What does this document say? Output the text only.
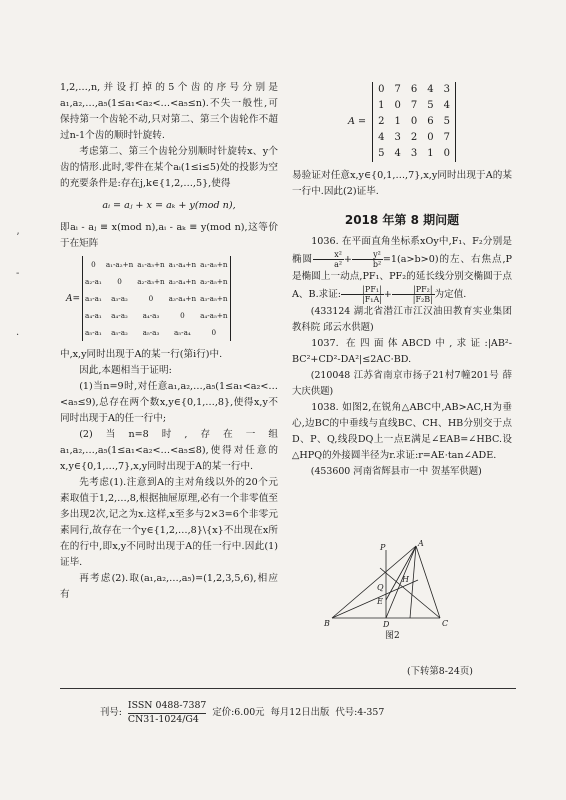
ʼ
-
·

1,2,…,n,并设打掉的5个齿的序号分别是a₁,a₂,…,a₅(1≤a₁<a₂<…<a₅≤n).不失一般性,可保持第一个齿轮不动,只对第二、第三个齿轮作不超过n-1个齿的顺时针旋转.

考虑第二、第三个齿轮分别顺时针旋转x、y个齿的情形.此时,零件在某个aᵢ(1≤i≤5)处的投影为空的充要条件是:存在j,k∈{1,2,…,5},使得

aᵢ = aⱼ + x = aₖ + y(mod n),

即aᵢ - aⱼ ≡ x(mod n),aᵢ - aₖ ≡ y(mod n),这等价于在矩阵

A=	0	a₁-a₂+n	a₁-a₃+n	a₁-a₄+n	a₁-a₅+n
	a₂-a₁	0	a₂-a₃+n	a₂-a₄+n	a₂-a₅+n
	a₃-a₁	a₃-a₂	0	a₃-a₄+n	a₃-a₅+n
	a₄-a₁	a₄-a₂	a₄-a₃	0	a₄-a₅+n
	a₅-a₁	a₅-a₂	a₅-a₃	a₅-a₄	0

中,x,y同时出现于A的某一行(第i行)中.

因此,本题相当于证明:

(1)当n=9时,对任意a₁,a₂,…,a₅(1≤a₁<a₂<…<a₅≤9),总存在两个数x,y∈{0,1,…,8},使得x,y不同时出现于A的任一行中;

(2)当n=8时,存在一组a₁,a₂,…,a₅(1≤a₁<a₂<…<a₅≤8),使得对任意的x,y∈{0,1,…,7},x,y同时出现于A的某一行中.

先考虑(1).注意到A的主对角线以外的20个元素取值于1,2,…,8,根据抽屉原理,必有一个非零值至多出现2次,记之为x.这样,x至多与2×3=6个非零元素同行,故存在一个y∈{1,2,…,8}\{x}不出现在x所在的行中,即x,y不同时出现于A的任一行中.因此(1)证毕.

再考虑(2).取(a₁,a₂,…,a₅)=(1,2,3,5,6),相应有

A =
0	7	6	4	3
1	0	7	5	4
2	1	0	6	5
4	3	2	0	7
5	4	3	1	0

易验证对任意x,y∈{0,1,…,7},x,y同时出现于A的某一行中.因此(2)证毕.

2018 年第 8 期问题

1036. 在平面直角坐标系xOy中,F₁、F₂分别是椭圆 $\frac{\text{x²}}{\text{a²}} + \frac{\text{y²}}{\text{b²}} =1(a>b>0)$的左、右焦点,P是椭圆上一动点,PF₁、PF₂的延长线分别交椭圆于点A、B.求证: $\frac{\text{|PF₁|}}{\text{|F₁A|}} + \frac{\text{|PF₂|}}{\text{|F₂B|}}$ 为定值.

(433124 湖北省潜江市江汉油田教育实业集团教科院 邱云水供题)

1037. 在四面体ABCD中,求证:|AB²-BC²+CD²-DA²|≤2AC·BD.

(210048 江苏省南京市扬子21村7幢201号 薛大庆供题)

1038. 如图2,在锐角△ABC中,AB>AC,H为垂心,边BC的中垂线与直线BC、CH、HB分别交于点D、P、Q,线段DQ上一点E满足∠EAB=∠HBC.设△HPQ的外接圆半径为r.求证:r=AE·tan∠ADE.

(453600 河南省辉县市一中 贺基军供题)

A
B	C
D
E
H
P
Q
图2
(下转第8-24页)
刊号:
ISSN 0488-7387
CN31-1024/G4
定价:6.00元 每月12日出版 代号:4-357
